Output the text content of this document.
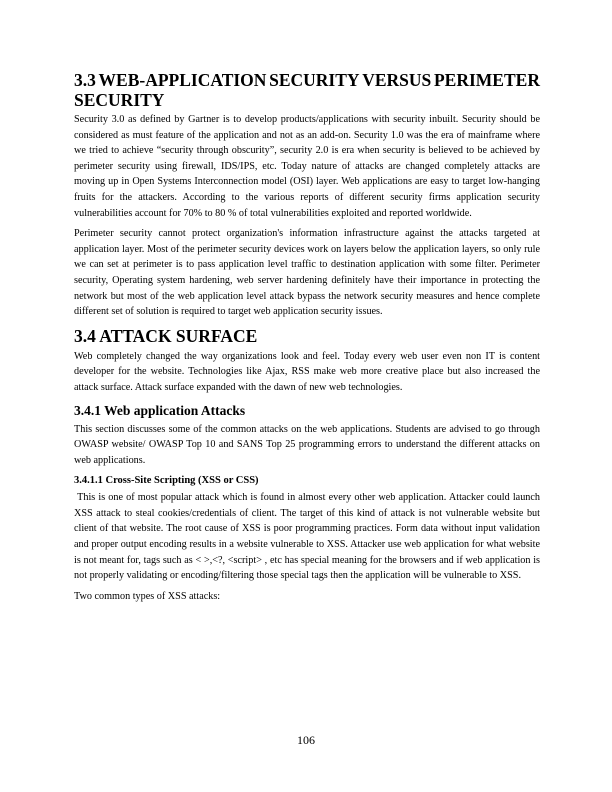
3.3 WEB-APPLICATION SECURITY VERSUS PERIMETER
SECURITY

Security 3.0 as defined by Gartner is to develop products/applications with security inbuilt. Security should be considered as must feature of the application and not as an add-on. Security 1.0 was the era of mainframe where we tried to achieve “security through obscurity”, security 2.0 is era when security is believed to be achieved by perimeter security using firewall, IDS/IPS, etc. Today nature of attacks are changed completely attacks are moving up in Open Systems Interconnection model (OSI) layer. Web applications are easy to target low-hanging fruits for the attackers. According to the various reports of different security firms application security vulnerabilities account for 70% to 80 % of total vulnerabilities exploited and reported worldwide.

Perimeter security cannot protect organization's information infrastructure against the attacks targeted at application layer. Most of the perimeter security devices work on layers below the application layers, so only rule we can set at perimeter is to pass application level traffic to destination application with some filter. Perimeter security, Operating system hardening, web server hardening definitely have their importance in protecting the network but most of the web application level attack bypass the network security measures and hence complete different set of solution is required to target web application security issues.

3.4 ATTACK SURFACE

Web completely changed the way organizations look and feel. Today every web user even non IT is content developer for the website. Technologies like Ajax, RSS make web more creative place but also increased the attack surface. Attack surface expanded with the dawn of new web technologies.

3.4.1 Web application Attacks

This section discusses some of the common attacks on the web applications. Students are advised to go through OWASP website/ OWASP Top 10 and SANS Top 25 programming errors to understand the different attacks on web applications.

3.4.1.1 Cross-Site Scripting (XSS or CSS)

This is one of most popular attack which is found in almost every other web application. Attacker could launch XSS attack to steal cookies/credentials of client. The target of this kind of attack is not vulnerable website but client of that website. The root cause of XSS is poor programming practices. Form data without input validation and proper output encoding results in a website vulnerable to XSS. Attacker use web application for what website is not meant for, tags such as < >,<?, <script> , etc has special meaning for the browsers and if web application is not properly validating or encoding/filtering those special tags then the application will be vulnerable to XSS.

Two common types of XSS attacks:

106
